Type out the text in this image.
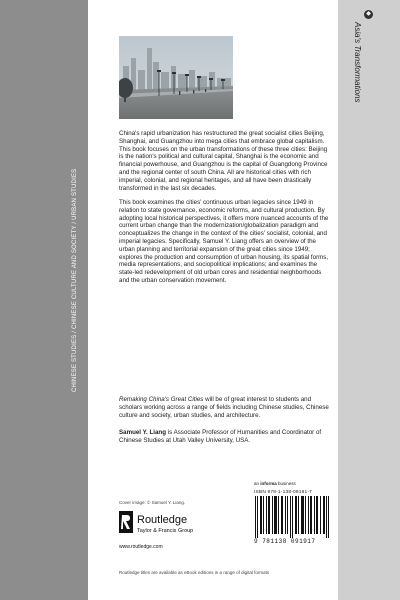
CHINESE STUDIES / CHINESE CULTURE AND SOCIETY / URBAN STUDIES
◆
Asia's Transformations

China's rapid urbanization has restructured the great socialist cities Beijing, Shanghai, and Guangzhou into mega cities that embrace global capitalism. This book focuses on the urban transformations of these three cities: Beijing is the nation's political and cultural capital, Shanghai is the economic and financial powerhouse, and Guangzhou is the capital of Guangdong Province and the regional center of south China. All are historical cities with rich imperial, colonial, and regional heritages, and all have been drastically transformed in the last six decades.

This book examines the cities' continuous urban legacies since 1949 in relation to state governance, economic reforms, and cultural production. By adopting local historical perspectives, it offers more nuanced accounts of the current urban change than the modernization/globalization paradigm and conceptualizes the change in the context of the cities' socialist, colonial, and imperial legacies. Specifically, Samuel Y. Liang offers an overview of the urban planning and territorial expansion of the great cities since 1949; explores the production and consumption of urban housing, its spatial forms, media representations, and sociopolitical implications; and examines the state-led redevelopment of old urban cores and residential neighborhoods and the urban conservation movement.

Remaking China's Great Cities will be of great interest to students and scholars working across a range of fields including Chinese studies, Chinese culture and society, urban studies, and architecture.

Samuel Y. Liang is Associate Professor of Humanities and Coordinator of Chinese Studies at Utah Valley University, USA.

an informa business
Cover image: © Samuel Y. Liang.
ISBN 978-1-138-09191-7
9 781138 091917
Routledge
Taylor & Francis Group
www.routledge.com
Routledge titles are available as eBook editions in a range of digital formats
